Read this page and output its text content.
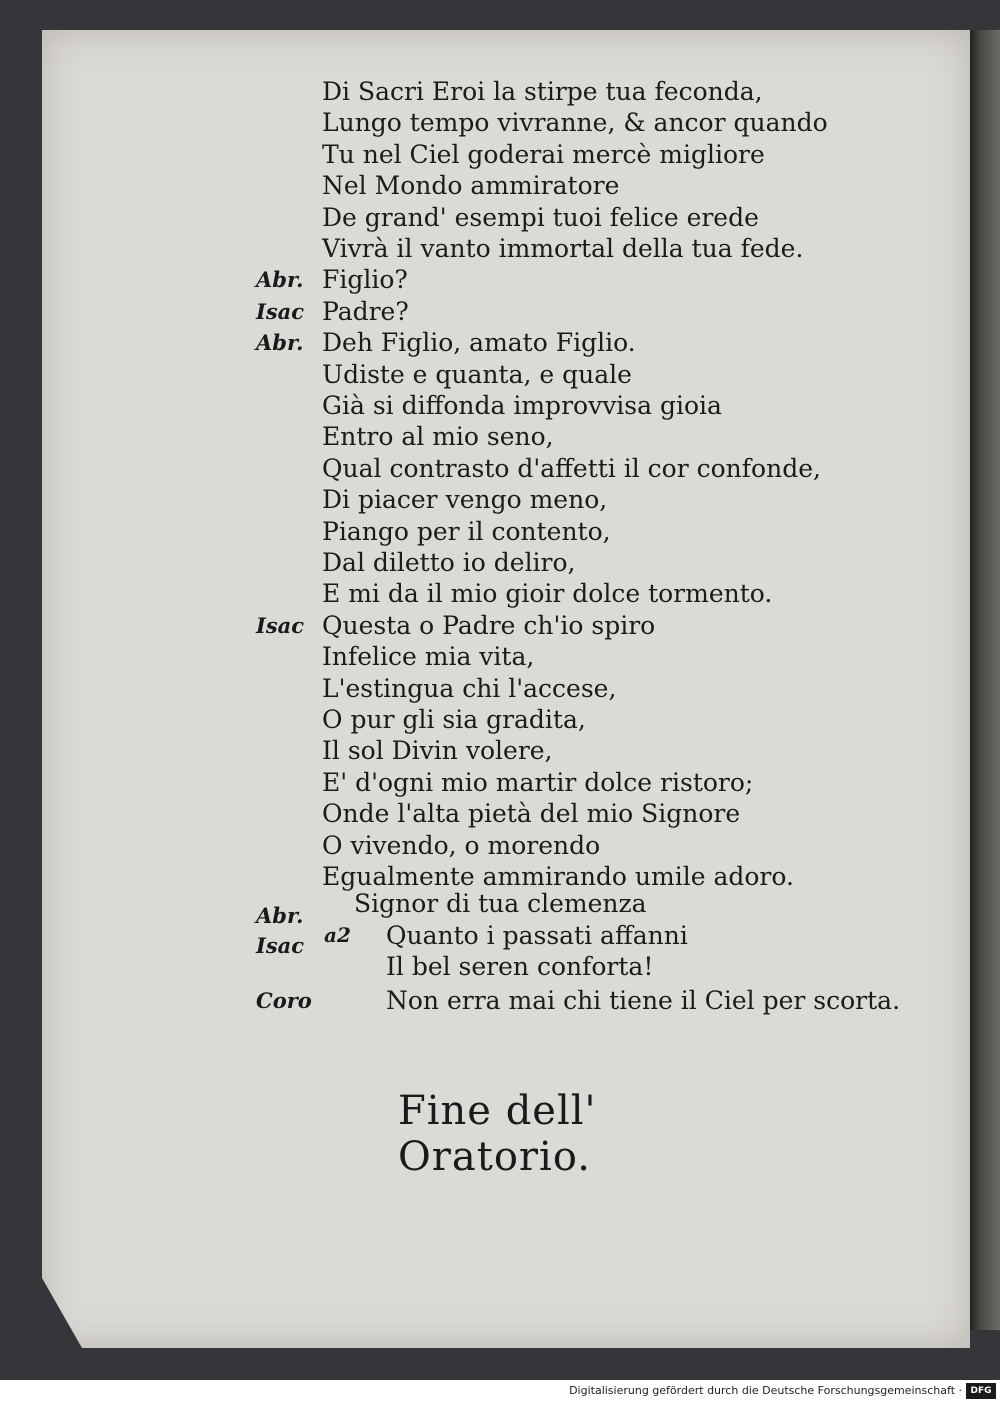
Di Sacri Eroi la stirpe tua feconda,
Lungo tempo vivranne, & ancor quando
Tu nel Ciel goderai mercè migliore
Nel Mondo ammiratore
De grand' esempi tuoi felice erede
Vivrà il vanto immortal della tua fede.
Abr. Figlio?
Isac Padre?
Abr. Deh Figlio, amato Figlio.
Udiste e quanta, e quale
Già si diffonda improvvisa gioia
Entro al mio seno,
Qual contrasto d'affetti il cor confonde,
Di piacer vengo meno,
Piango per il contento,
Dal diletto io deliro,
E mi da il mio gioir dolce tormento.
Isac Questa o Padre ch'io spiro
Infelice mia vita,
L'estingua chi l'accese,
O pur gli sia gradita,
Il sol Divin volere,
E' d'ogni mio martir dolce ristoro;
Onde l'alta pietà del mio Signore
O vivendo, o morendo
Egualmente ammirando umile adoro.
Abr. Signor di tua clemenza
Isac a2 Quanto i passati affanni
Il bel seren conforta!
Coro	Non erra mai chi tiene il Ciel per scorta.
Fine dell' Oratorio.
Digitalisierung gefördert durch die Deutsche Forschungsgemeinschaft · DFG
